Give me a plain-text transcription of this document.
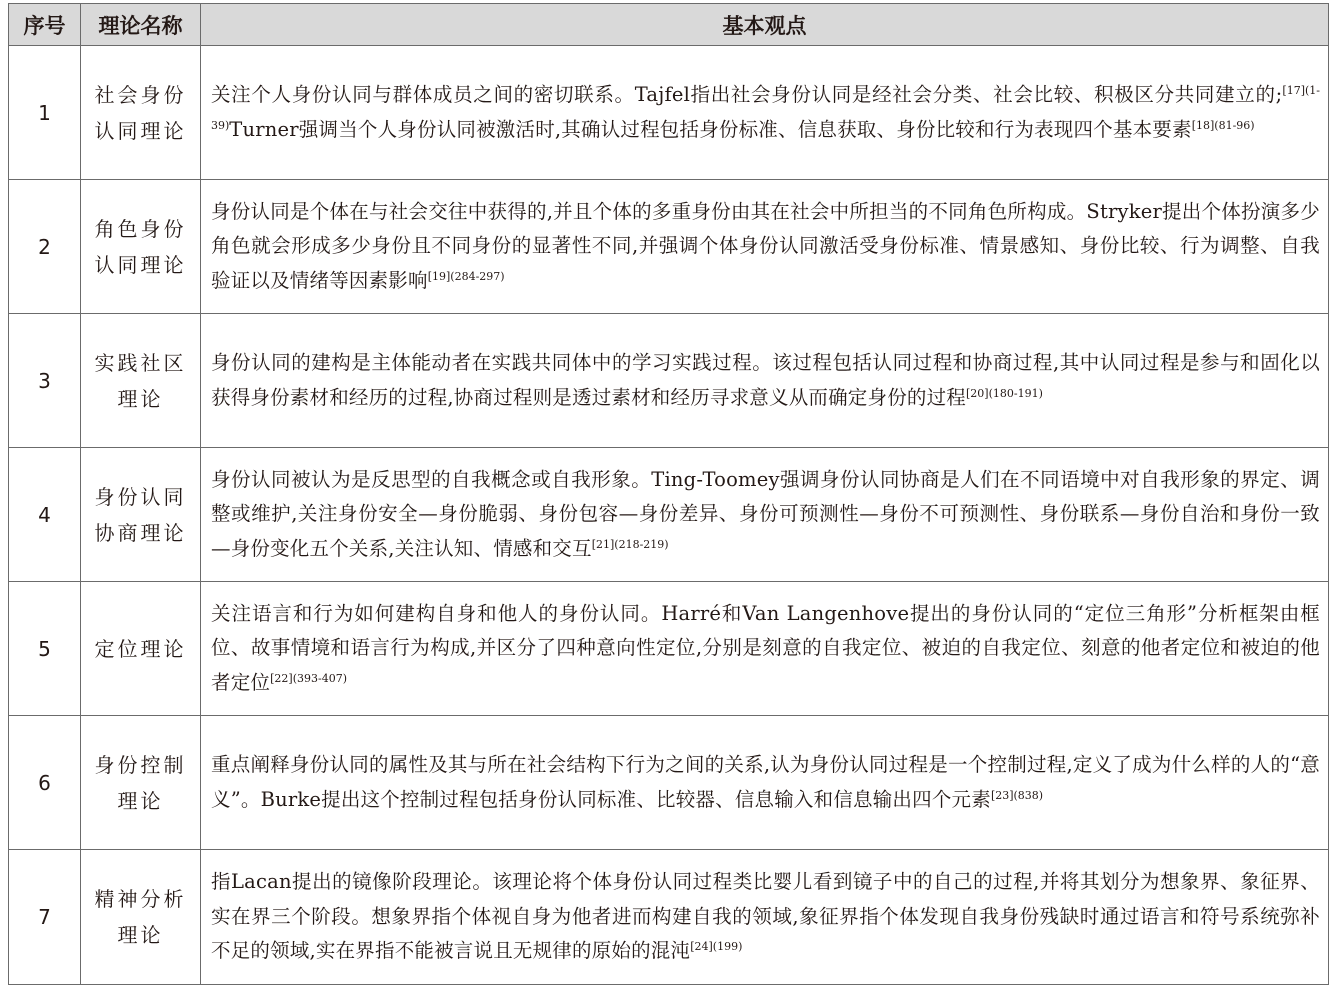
序号	理论名称	基本观点
1	社会身份认同理论	关注个人身份认同与群体成员之间的密切联系。Tajfel指出社会身份认同是经社会分类、社会比较、积极区分共同建立的;$^{[17](1-39)}$Turner强调当个人身份认同被激活时,其确认过程包括身份标准、信息获取、身份比较和行为表现四个基本要素$^{[18](81-96)}$
2	角色身份认同理论	身份认同是个体在与社会交往中获得的,并且个体的多重身份由其在社会中所担当的不同角色所构成。Stryker提出个体扮演多少角色就会形成多少身份且不同身份的显著性不同,并强调个体身份认同激活受身份标准、情景感知、身份比较、行为调整、自我验证以及情绪等因素影响$^{[19](284-297)}$
3	实践社区理论	身份认同的建构是主体能动者在实践共同体中的学习实践过程。该过程包括认同过程和协商过程,其中认同过程是参与和固化以获得身份素材和经历的过程,协商过程则是透过素材和经历寻求意义从而确定身份的过程$^{[20](180-191)}$
4	身份认同协商理论	身份认同被认为是反思型的自我概念或自我形象。Ting-Toomey强调身份认同协商是人们在不同语境中对自我形象的界定、调整或维护,关注身份安全—身份脆弱、身份包容—身份差异、身份可预测性—身份不可预测性、身份联系—身份自治和身份一致—身份变化五个关系,关注认知、情感和交互$^{[21](218-219)}$
5	定位理论	关注语言和行为如何建构自身和他人的身份认同。Harré和Van Langenhove提出的身份认同的“定位三角形”分析框架由框位、故事情境和语言行为构成,并区分了四种意向性定位,分别是刻意的自我定位、被迫的自我定位、刻意的他者定位和被迫的他者定位$^{[22](393-407)}$
6	身份控制理论	重点阐释身份认同的属性及其与所在社会结构下行为之间的关系,认为身份认同过程是一个控制过程,定义了成为什么样的人的“意义”。Burke提出这个控制过程包括身份认同标准、比较器、信息输入和信息输出四个元素$^{[23](838)}$
7	精神分析理论	指Lacan提出的镜像阶段理论。该理论将个体身份认同过程类比婴儿看到镜子中的自己的过程,并将其划分为想象界、象征界、实在界三个阶段。想象界指个体视自身为他者进而构建自我的领域,象征界指个体发现自我身份残缺时通过语言和符号系统弥补不足的领域,实在界指不能被言说且无规律的原始的混沌$^{[24](199)}$
